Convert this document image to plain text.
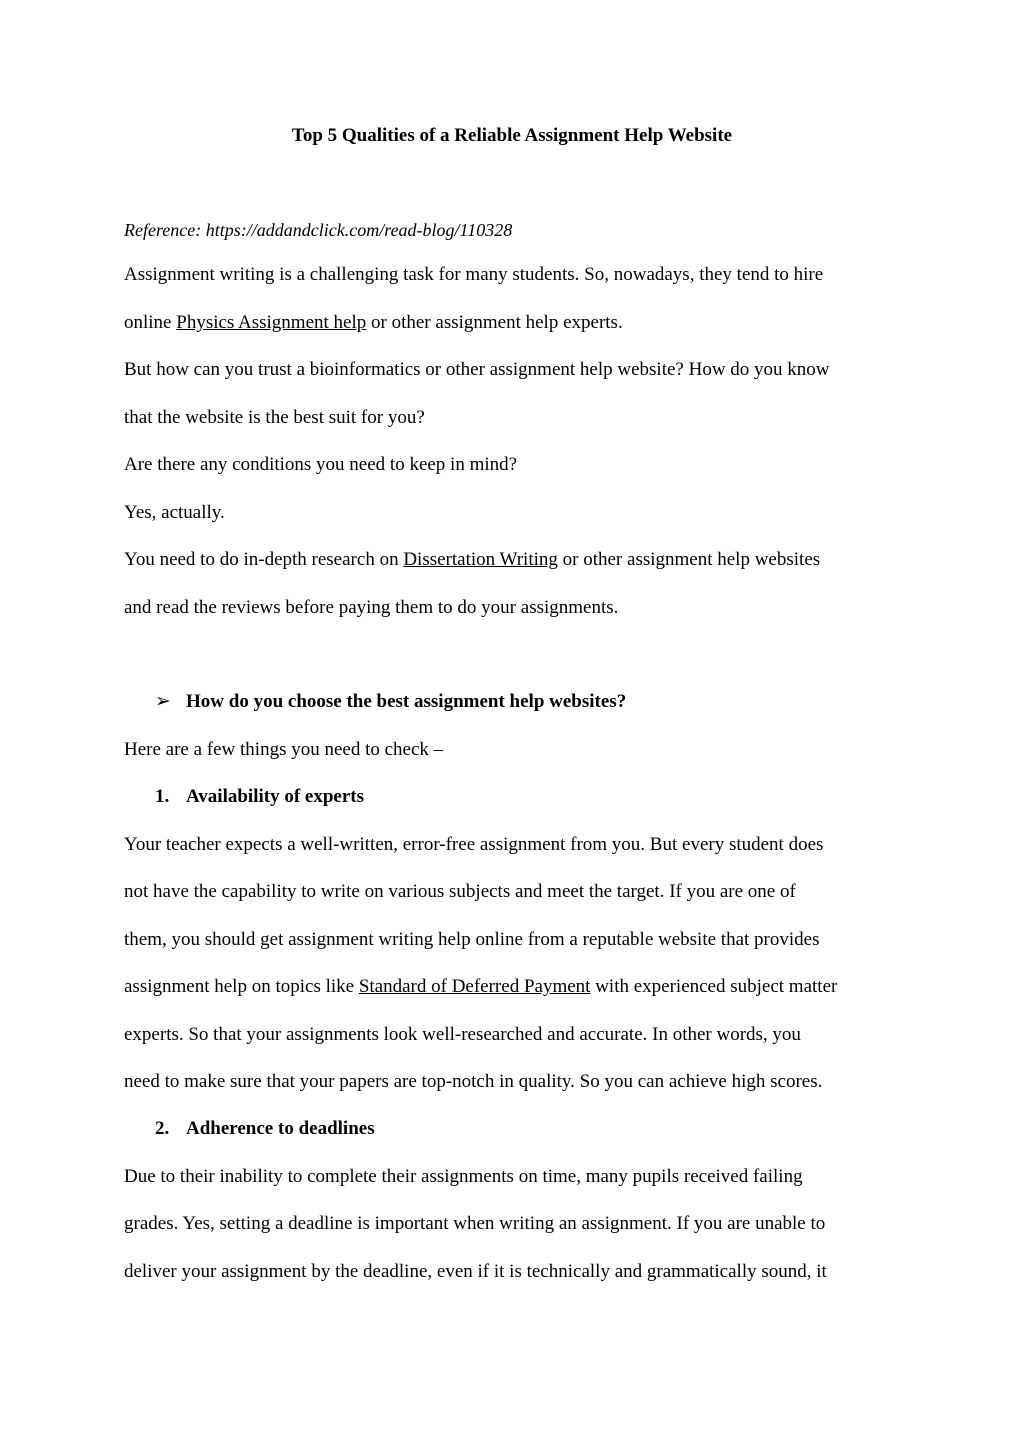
Top 5 Qualities of a Reliable Assignment Help Website
Reference: https://addandclick.com/read-blog/110328
Assignment writing is a challenging task for many students. So, nowadays, they tend to hire
online Physics Assignment help or other assignment help experts.
But how can you trust a bioinformatics or other assignment help website? How do you know
that the website is the best suit for you?
Are there any conditions you need to keep in mind?
Yes, actually.
You need to do in-depth research on Dissertation Writing or other assignment help websites
and read the reviews before paying them to do your assignments.
➢ How do you choose the best assignment help websites?
Here are a few things you need to check –
1. Availability of experts
Your teacher expects a well-written, error-free assignment from you. But every student does
not have the capability to write on various subjects and meet the target. If you are one of
them, you should get assignment writing help online from a reputable website that provides
assignment help on topics like Standard of Deferred Payment with experienced subject matter
experts. So that your assignments look well-researched and accurate. In other words, you
need to make sure that your papers are top-notch in quality. So you can achieve high scores.
2. Adherence to deadlines
Due to their inability to complete their assignments on time, many pupils received failing
grades. Yes, setting a deadline is important when writing an assignment. If you are unable to
deliver your assignment by the deadline, even if it is technically and grammatically sound, it
